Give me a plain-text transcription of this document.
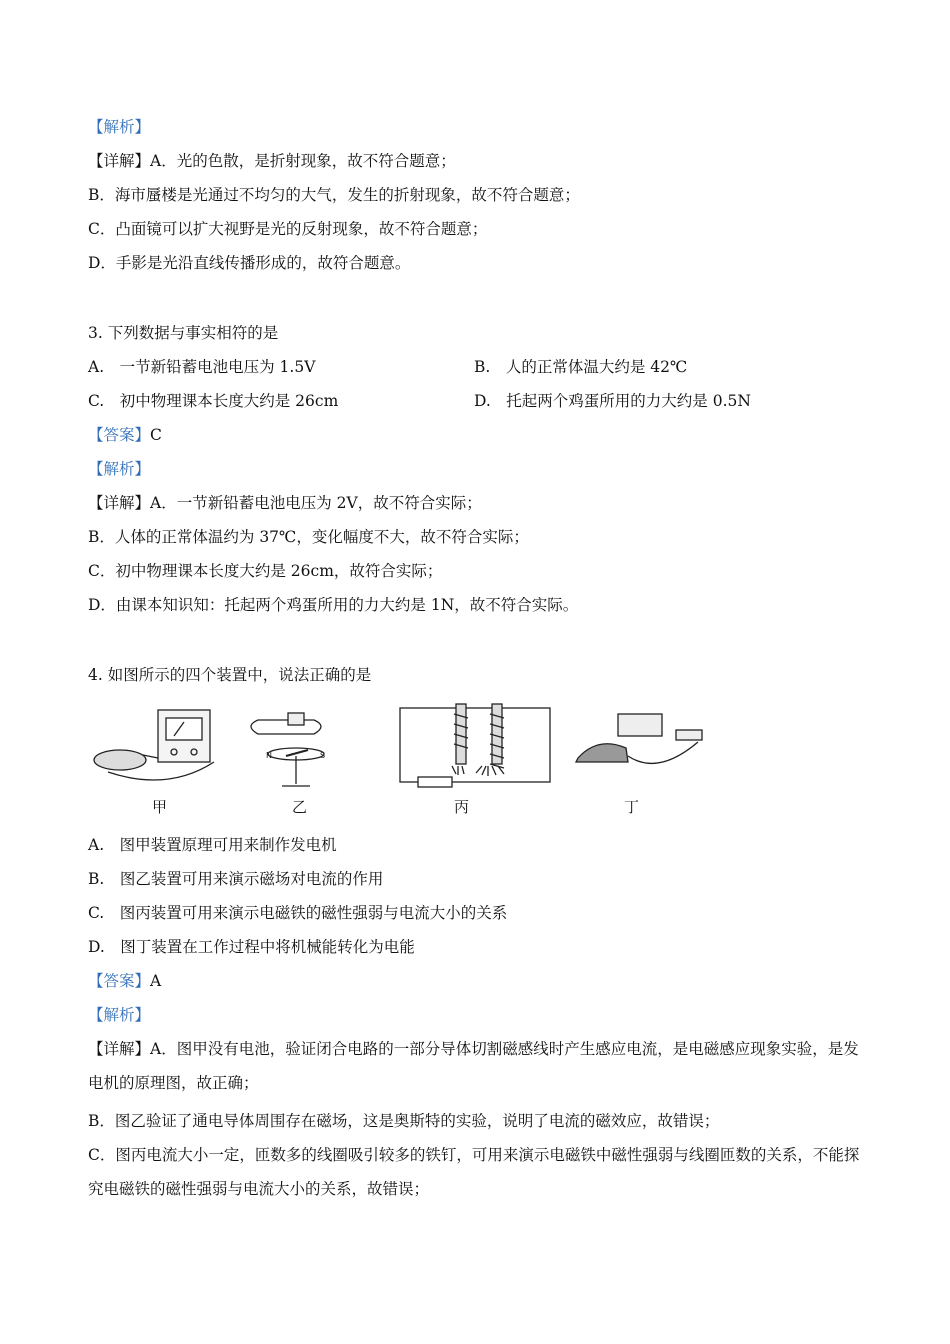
【解析】
【详解】A．光的色散，是折射现象，故不符合题意；
B．海市蜃楼是光通过不均匀的大气，发生的折射现象，故不符合题意；
C．凸面镜可以扩大视野是光的反射现象，故不符合题意；
D．手影是光沿直线传播形成的，故符合题意。
3. 下列数据与事实相符的是
A.　一节新铅蓄电池电压为 1.5V	B.　人的正常体温大约是 42℃
C.　初中物理课本长度大约是 26cm	D.　托起两个鸡蛋所用的力大约是 0.5N
【答案】C
【解析】
【详解】A．一节新铅蓄电池电压为 2V，故不符合实际；
B．人体的正常体温约为 37℃，变化幅度不大，故不符合实际；
C．初中物理课本长度大约是 26cm，故符合实际；
D．由课本知识知：托起两个鸡蛋所用的力大约是 1N，故不符合实际。
4. 如图所示的四个装置中，说法正确的是
N	S
甲	乙	丙	丁
A.　图甲装置原理可用来制作发电机
B.　图乙装置可用来演示磁场对电流的作用
C.　图丙装置可用来演示电磁铁的磁性强弱与电流大小的关系
D.　图丁装置在工作过程中将机械能转化为电能
【答案】A
【解析】
【详解】A．图甲没有电池，验证闭合电路的一部分导体切割磁感线时产生感应电流，是电磁感应现象实验，是发电机的原理图，故正确；
B．图乙验证了通电导体周围存在磁场，这是奥斯特的实验，说明了电流的磁效应，故错误；
C．图丙电流大小一定，匝数多的线圈吸引较多的铁钉，可用来演示电磁铁中磁性强弱与线圈匝数的关系，不能探究电磁铁的磁性强弱与电流大小的关系，故错误；
